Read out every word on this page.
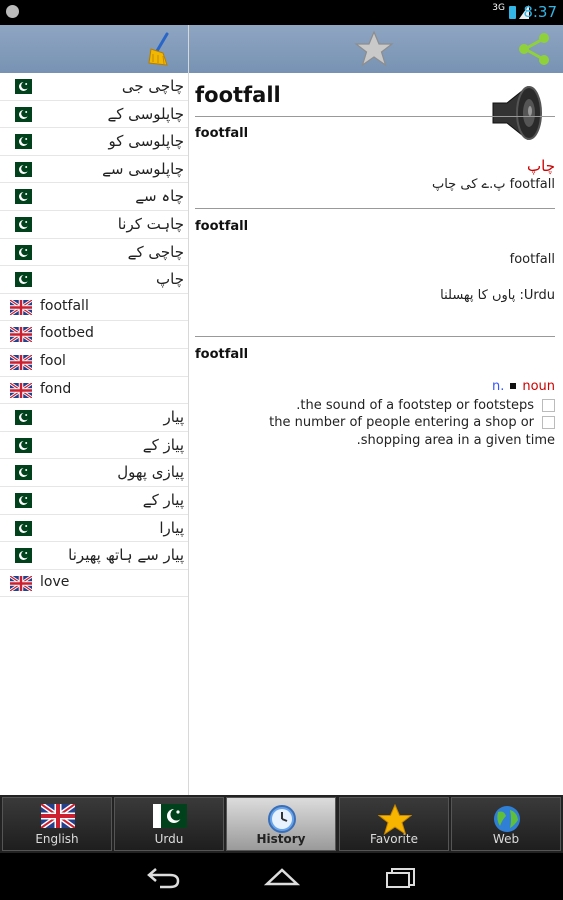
3G 8:37
چاچی جی
چاپلوسی کے
چاپلوسی کو
چاپلوسی سے
چاہ سے
چاہت کرنا
چاچی کے
چاپ
footfall
footbed
fool
fond
پیار
پیاز کے
پیازی پھول
پیار کے
پیارا
پیار سے ہاتھ پھیرنا
love
footfall
footfall
چاپ
footfall پ.ے کی چاپ
footfall
footfall
Urdu: پاوں کا پھسلنا
footfall
n. noun
.the sound of a footstep or footsteps
the number of people entering a shop or
.shopping area in a given time
English	Urdu	History	Favorite	Web
